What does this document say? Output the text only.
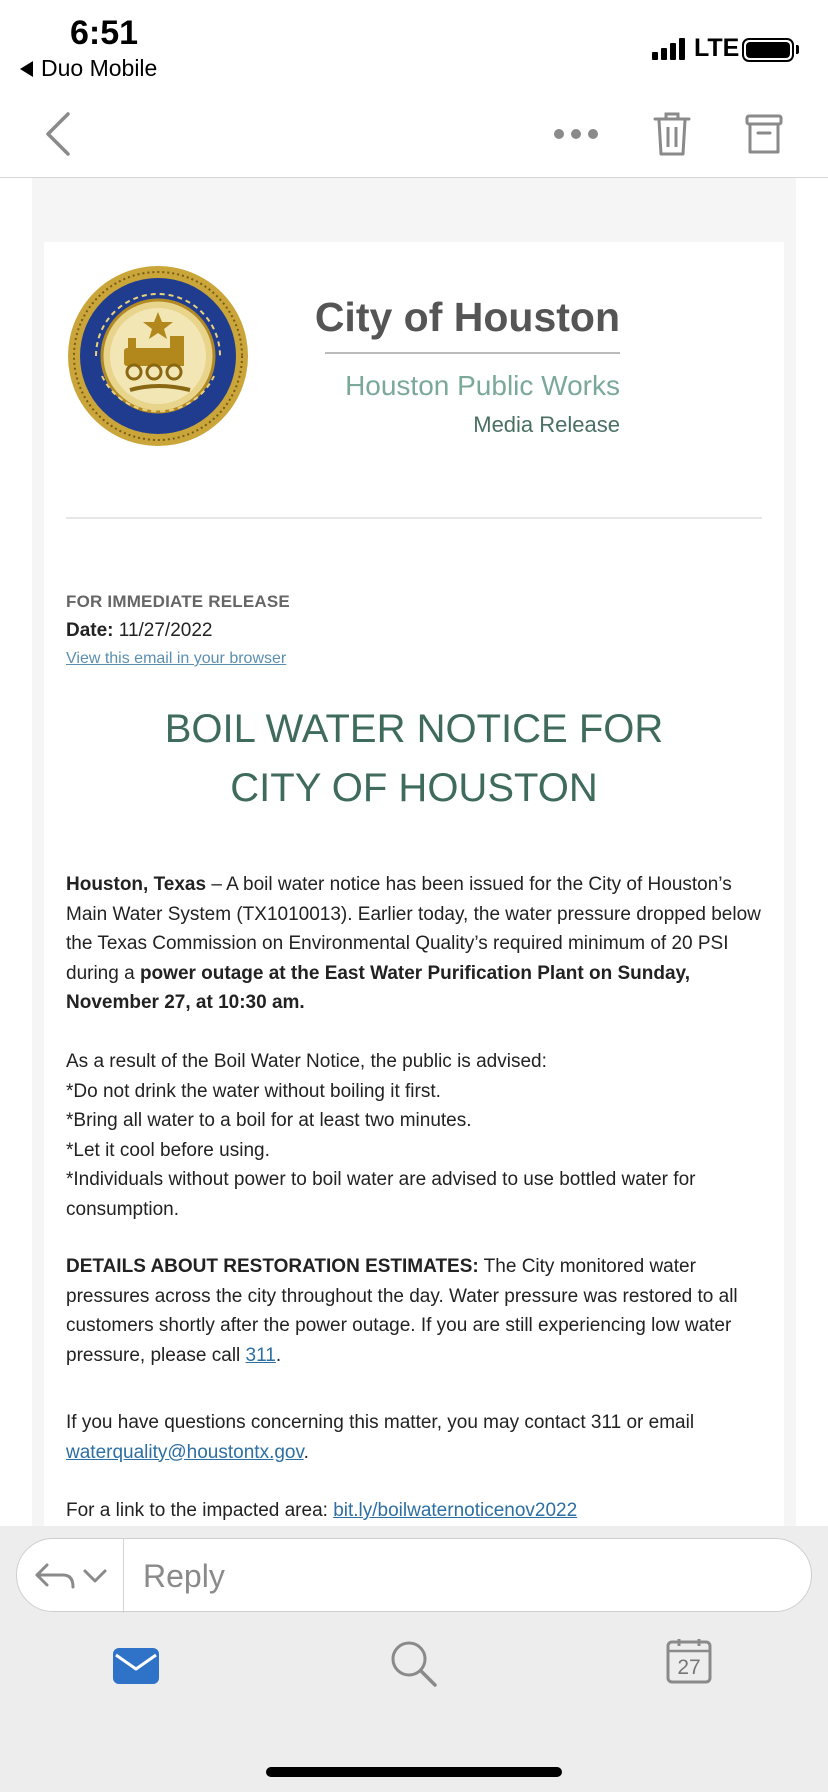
6:51
Duo Mobile
LTE
City of Houston
Houston Public Works
Media Release
FOR IMMEDIATE RELEASE
Date: 11/27/2022
View this email in your browser
BOIL WATER NOTICE FOR
CITY OF HOUSTON
Houston, Texas – A boil water notice has been issued for the City of Houston’s Main Water System (TX1010013). Earlier today, the water pressure dropped below the Texas Commission on Environmental Quality’s required minimum of 20 PSI during a power outage at the East Water Purification Plant on Sunday, November 27, at 10:30 am.
As a result of the Boil Water Notice, the public is advised:
*Do not drink the water without boiling it first.
*Bring all water to a boil for at least two minutes.
*Let it cool before using.
*Individuals without power to boil water are advised to use bottled water for consumption.
DETAILS ABOUT RESTORATION ESTIMATES: The City monitored water pressures across the city throughout the day. Water pressure was restored to all customers shortly after the power outage. If you are still experiencing low water pressure, please call 311.
If you have questions concerning this matter, you may contact 311 or email waterquality@houstontx.gov.
For a link to the impacted area: bit.ly/boilwaternoticenov2022
Reply
27
